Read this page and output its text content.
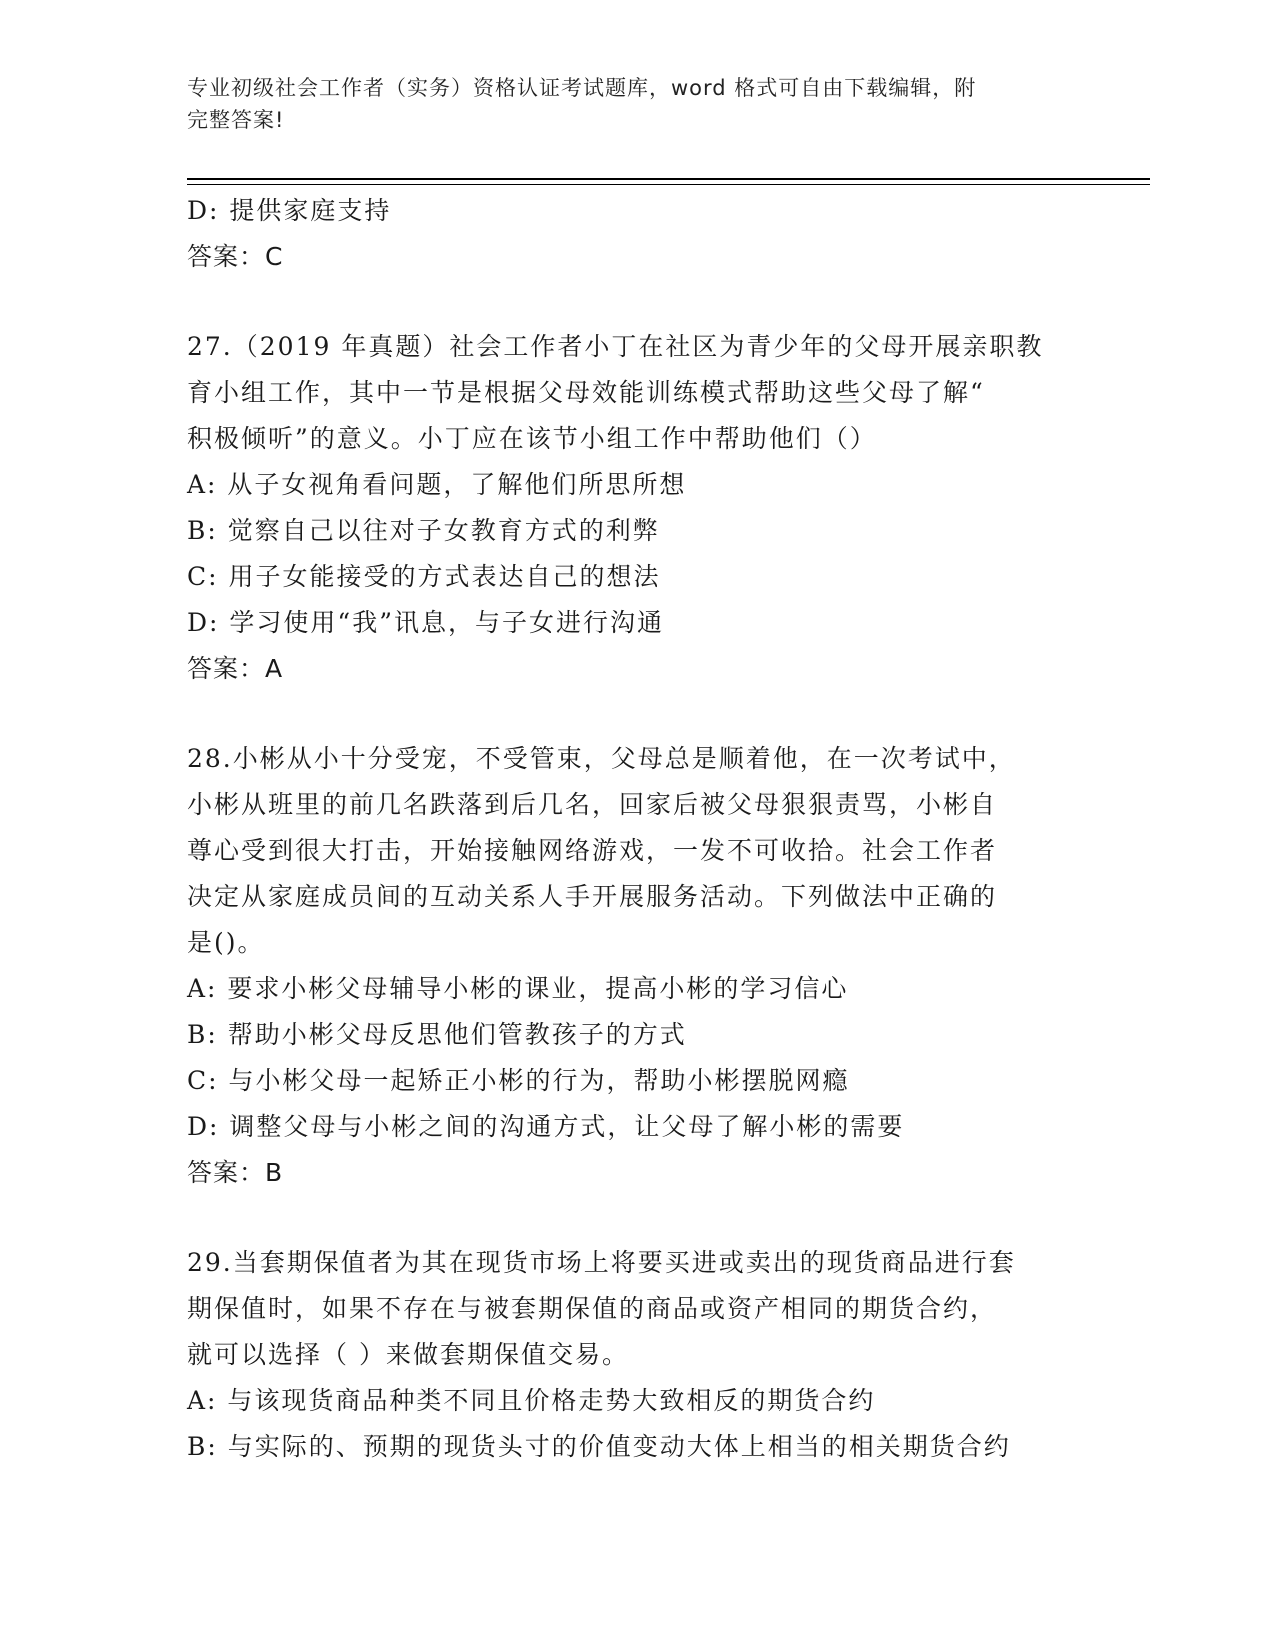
专业初级社会工作者（实务）资格认证考试题库，word 格式可自由下载编辑，附
完整答案!
D: 提供家庭支持
答案：C
27.（2019 年真题）社会工作者小丁在社区为青少年的父母开展亲职教
育小组工作，其中一节是根据父母效能训练模式帮助这些父母了解“
积极倾听”的意义。小丁应在该节小组工作中帮助他们（）
A: 从子女视角看问题，了解他们所思所想
B: 觉察自己以往对子女教育方式的利弊
C: 用子女能接受的方式表达自己的想法
D: 学习使用“我”讯息，与子女进行沟通
答案：A
28.小彬从小十分受宠，不受管束，父母总是顺着他，在一次考试中，
小彬从班里的前几名跌落到后几名，回家后被父母狠狠责骂，小彬自
尊心受到很大打击，开始接触网络游戏，一发不可收拾。社会工作者
决定从家庭成员间的互动关系人手开展服务活动。下列做法中正确的
是()。
A: 要求小彬父母辅导小彬的课业，提高小彬的学习信心
B: 帮助小彬父母反思他们管教孩子的方式
C: 与小彬父母一起矫正小彬的行为，帮助小彬摆脱网瘾
D: 调整父母与小彬之间的沟通方式，让父母了解小彬的需要
答案：B
29.当套期保值者为其在现货市场上将要买进或卖出的现货商品进行套
期保值时，如果不存在与被套期保值的商品或资产相同的期货合约，
就可以选择（ ）来做套期保值交易。
A: 与该现货商品种类不同且价格走势大致相反的期货合约
B: 与实际的、预期的现货头寸的价值变动大体上相当的相关期货合约
